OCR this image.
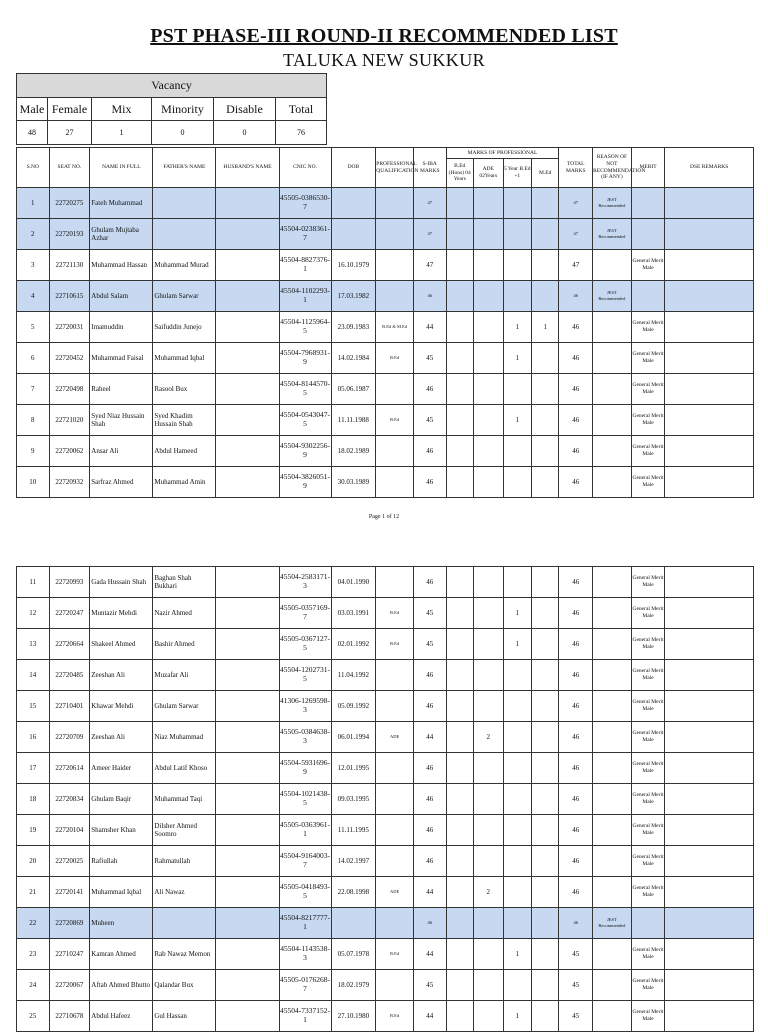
PST PHASE-III ROUND-II RECOMMENDED LIST
TALUKA NEW SUKKUR
Vacancy					
Male	Female	Mix	Minority	Disable	Total
48	27	1	0	0	76
S.NO	SEAT NO.	NAME IN FULL	FATHER'S NAME	HUSBAND'S NAME	CNIC NO.	DOB	PROFESSIONAL QUALIFICATION	S-IBA MARKS	MARKS OF PROFESSIONAL				TOTAL MARKS	REASON OF NOT RECOMMENDATION (IF ANY)	MERIT	DSE REMARKS
									B.Ed (Hons) 04 Years	ADE 02Years	5 Year B.Ed +1	M.Ed				
1	22720275	Fateh Muhammad			45505-0386530-7			47					47	JEST Recommended		
2	22720193	Ghulam Mujtaba Azhar			45504-0238361-7			47					47	JEST Recommended		
3	22721130	Muhammad Hassan	Muhammad Murad		45504-8827376-1	16.10.1979		47					47		General Merit Male	
4	22710615	Abdul Salam	Ghulam Sarwar		45504-1102293-1	17.03.1982		46					46	JEST Recommended		
5	22720031	Imamuddin	Saifuddin Junejo		45504-1125964-5	23.09.1983	B.Ed & M.Ed	44			1	1	46		General Merit Male	
6	22720452	Muhammad Faisal	Muhammad Iqbal		45504-7968931-9	14.02.1984	B.Ed	45			1		46		General Merit Male	
7	22720498	Raheel	Rasool Bux		45504-8144570-5	05.06.1987		46					46		General Merit Male	
8	22721020	Syed Niaz Hussain Shah	Syed Khadim Hussain Shah		45504-0543047-5	11.11.1988	B.Ed	45			1		46		General Merit Male	
9	22720062	Ansar Ali	Abdul Hameed		45504-9302256-9	18.02.1989		46					46		General Merit Male	
10	22720932	Sarfraz Ahmed	Muhammad Amin		45504-3826051-9	30.03.1989		46					46		General Merit Male	
Page 1 of 12
11	22720993	Gada Hussain Shah	Baghan Shah Bukhari		45504-2583171-3	04.01.1990		46					46		General Merit Male	
12	22720247	Muntazir Mehdi	Nazir Ahmed		45505-0357169-7	03.03.1991	B.Ed	45			1		46		General Merit Male	
13	22720664	Shakeel Ahmed	Bashir Ahmed		45505-0367127-5	02.01.1992	B.Ed	45			1		46		General Merit Male	
14	22720485	Zeeshan Ali	Muzafar Ali		45504-1202731-5	11.04.1992		46					46		General Merit Male	
15	22710401	Khawar Mehdi	Ghulam Sarwar		41306-1269598-3	05.09.1992		46					46		General Merit Male	
16	22720709	Zeeshan Ali	Niaz Muhammad		45505-0384638-3	06.01.1994	ADE	44		2			46		General Merit Male	
17	22720614	Ameer Haider	Abdul Latif Khoso		45504-5931696-9	12.01.1995		46					46		General Merit Male	
18	22720834	Ghulam Baqir	Muhammad Taqi		45504-1021438-5	09.03.1995		46					46		General Merit Male	
19	22720104	Shamsher Khan	Dilsher Ahmed Soomro		45505-0363961-1	11.11.1995		46					46		General Merit Male	
20	22720025	Rafiullah	Rahmatullah		45504-9164003-7	14.02.1997		46					46		General Merit Male	
21	22720141	Muhammad Iqbal	Ali Nawaz		45505-0418493-5	22.08.1998	ADE	44		2			46		General Merit Male	
22	22720869	Muheen			45504-8217777-1			46					46	JEST Recommended		
23	22710247	Kamran Ahmed	Rab Nawaz Memon		45504-1143538-3	05.07.1978	B.Ed	44			1		45		General Merit Male	
24	22720067	Aftab Ahmed Bhutto	Qalandar Bux		45505-0176268-7	18.02.1979		45					45		General Merit Male	
25	22710678	Abdul Hafeez	Gul Hassan		45504-7337152-1	27.10.1980	B.Ed	44			1		45		General Merit Male	
